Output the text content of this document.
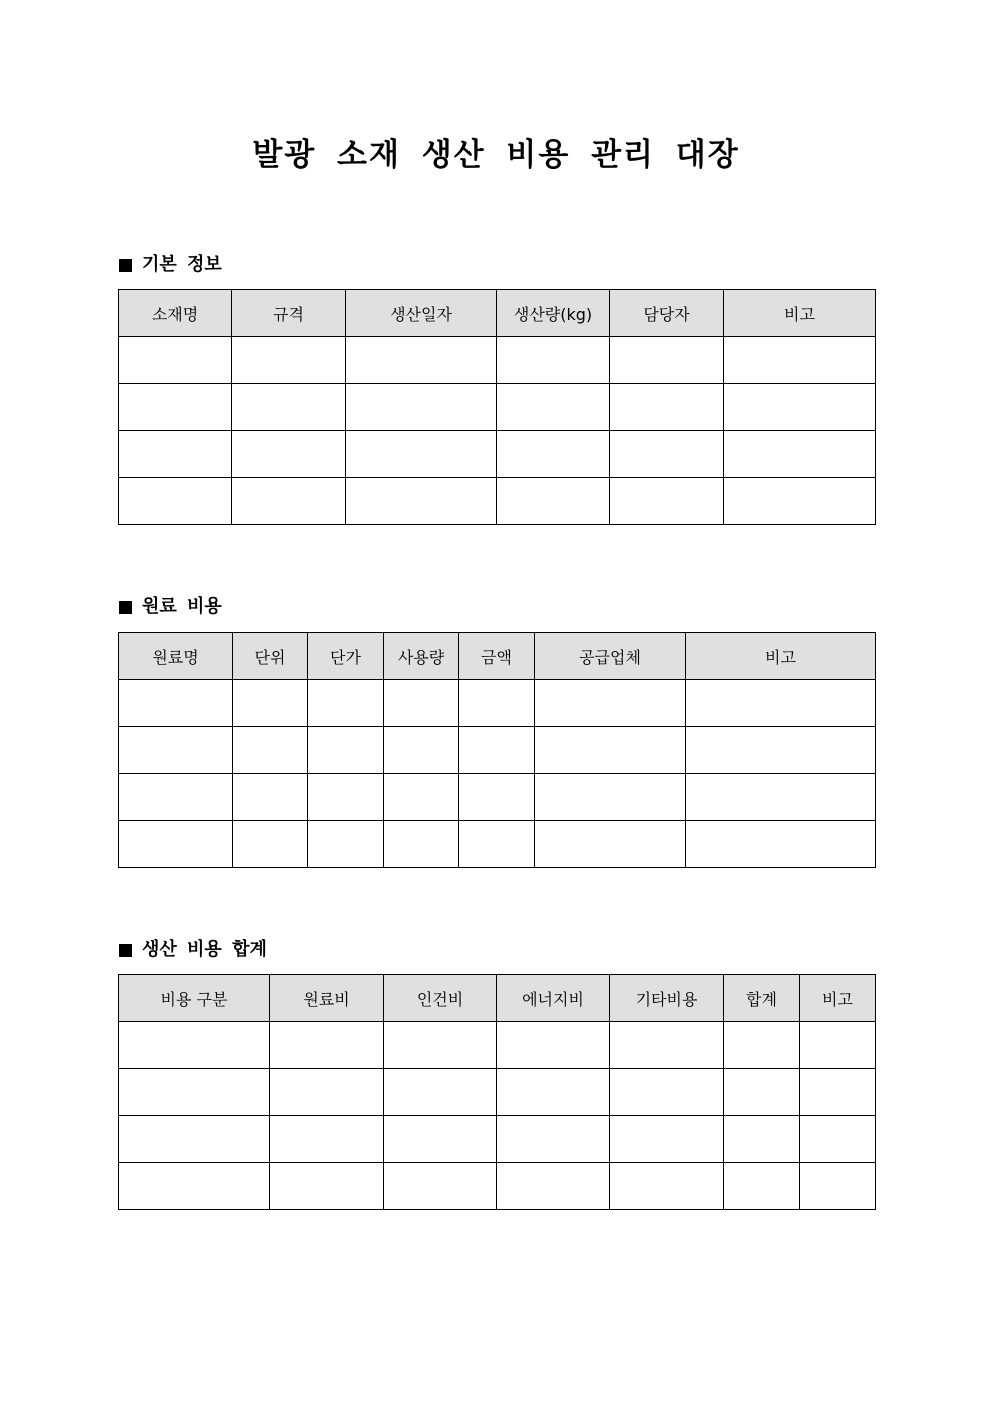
발광 소재 생산 비용 관리 대장
기본 정보
소재명	규격	생산일자	생산량(kg)	담당자	비고

원료 비용
원료명	단위	단가	사용량	금액	공급업체	비고

생산 비용 합계
비용 구분	원료비	인건비	에너지비	기타비용	합계	비고
